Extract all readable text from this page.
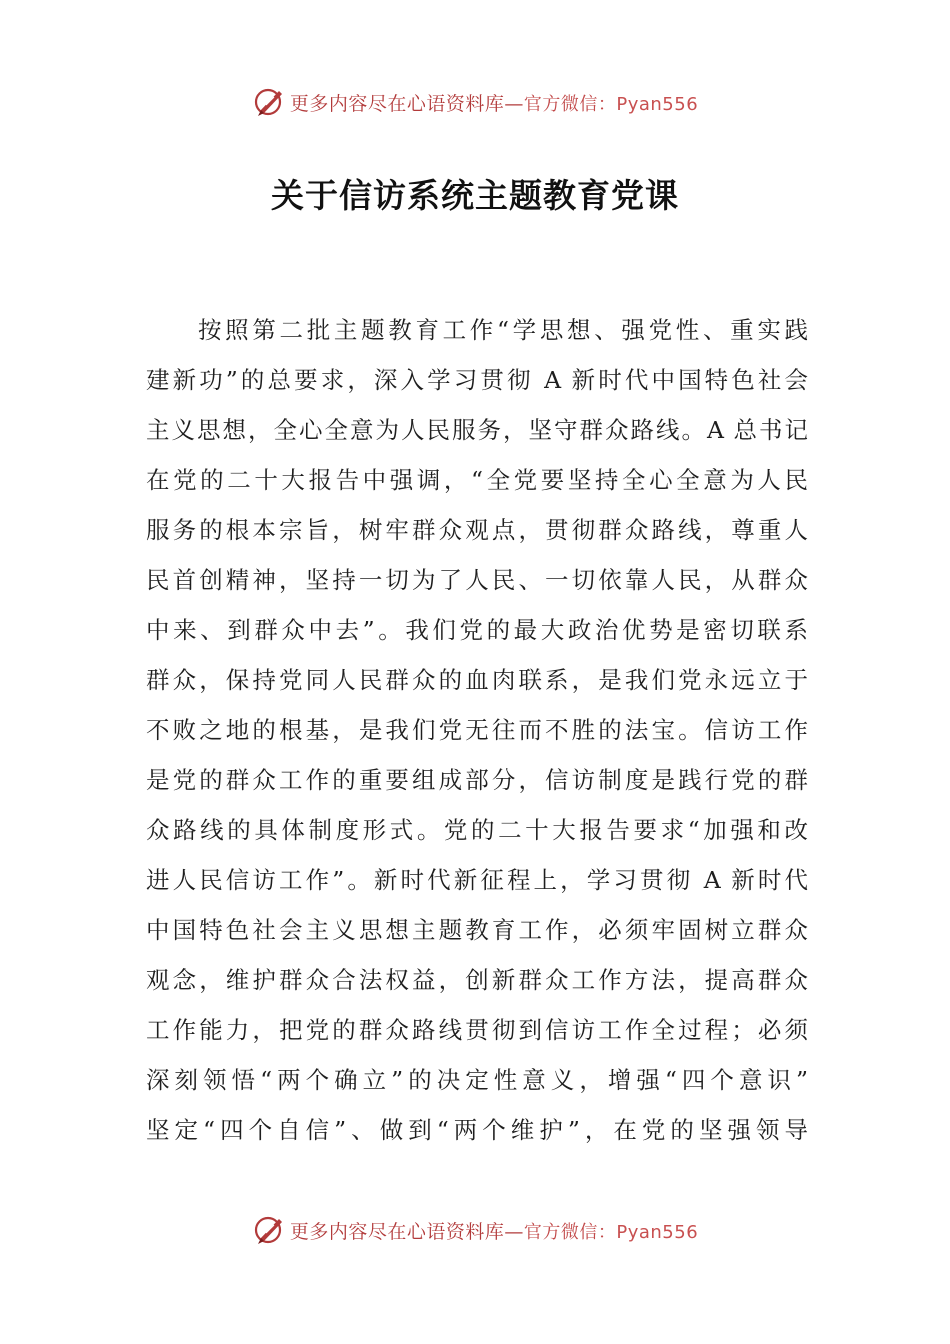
更多内容尽在心语资料库—官方微信：Pyan556
关于信访系统主题教育党课
按照第二批主题教育工作“学思想、强党性、重实践
建新功”的总要求，深入学习贯彻 A 新时代中国特色社会
主义思想，全心全意为人民服务，坚守群众路线。A 总书记
在党的二十大报告中强调，“全党要坚持全心全意为人民
服务的根本宗旨，树牢群众观点，贯彻群众路线，尊重人
民首创精神，坚持一切为了人民、一切依靠人民，从群众
中来、到群众中去”。我们党的最大政治优势是密切联系
群众，保持党同人民群众的血肉联系，是我们党永远立于
不败之地的根基，是我们党无往而不胜的法宝。信访工作
是党的群众工作的重要组成部分，信访制度是践行党的群
众路线的具体制度形式。党的二十大报告要求“加强和改
进人民信访工作”。新时代新征程上，学习贯彻 A 新时代
中国特色社会主义思想主题教育工作，必须牢固树立群众
观念，维护群众合法权益，创新群众工作方法，提高群众
工作能力，把党的群众路线贯彻到信访工作全过程；必须
深刻领悟“两个确立”的决定性意义，增强“四个意识”
坚定“四个自信”、做到“两个维护”，在党的坚强领导
更多内容尽在心语资料库—官方微信：Pyan556
